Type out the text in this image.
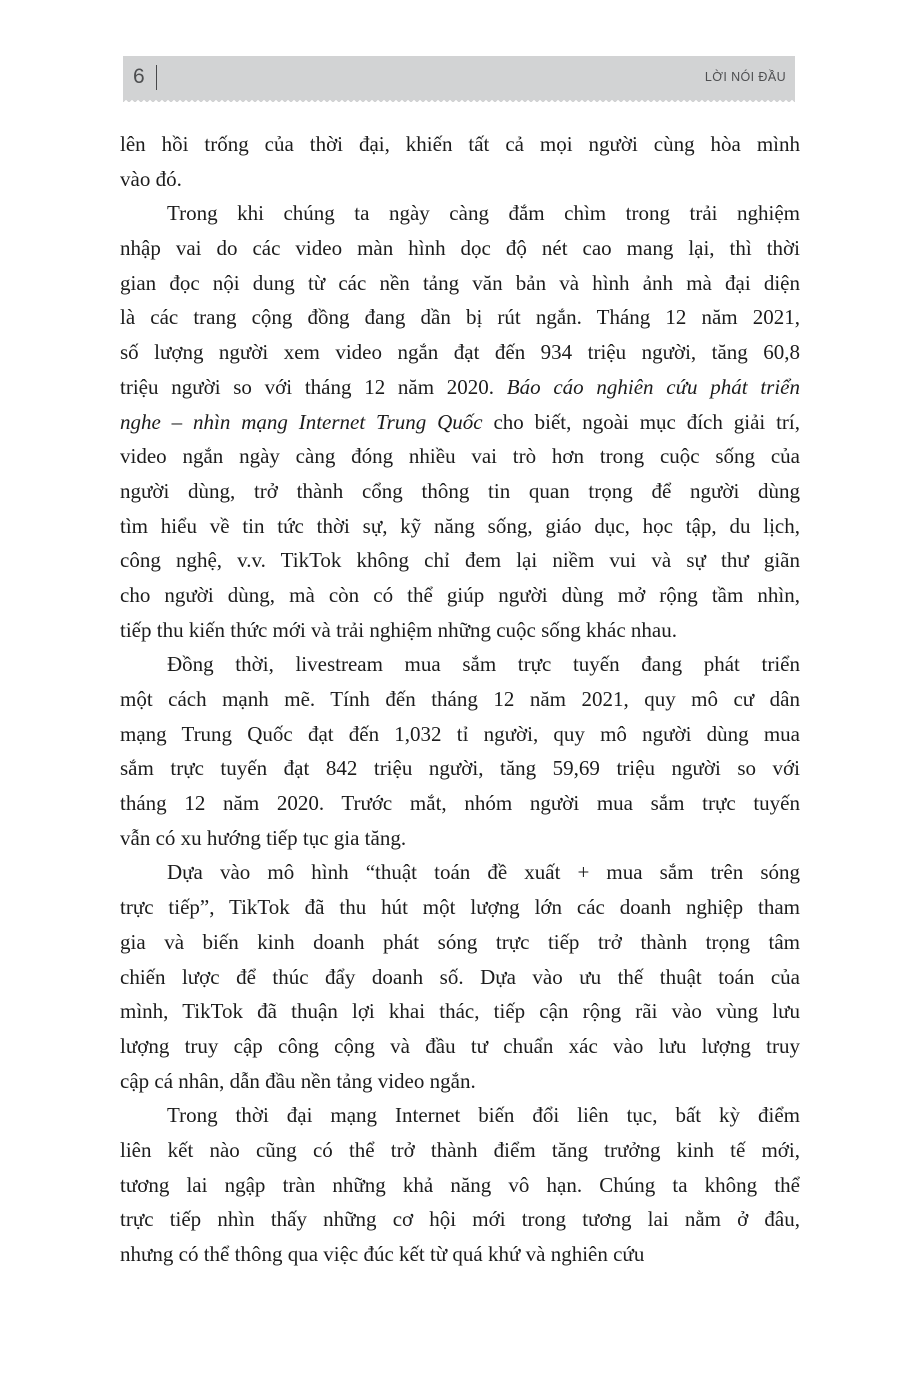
6	LỜI NÓI ĐẦU
lên hồi trống của thời đại, khiến tất cả mọi người cùng hòa mình
vào đó.
Trong khi chúng ta ngày càng đắm chìm trong trải nghiệm
nhập vai do các video màn hình dọc độ nét cao mang lại, thì thời
gian đọc nội dung từ các nền tảng văn bản và hình ảnh mà đại diện
là các trang cộng đồng đang dần bị rút ngắn. Tháng 12 năm 2021,
số lượng người xem video ngắn đạt đến 934 triệu người, tăng 60,8
triệu người so với tháng 12 năm 2020. Báo cáo nghiên cứu phát triển
nghe – nhìn mạng Internet Trung Quốc cho biết, ngoài mục đích giải trí,
video ngắn ngày càng đóng nhiều vai trò hơn trong cuộc sống của
người dùng, trở thành cổng thông tin quan trọng để người dùng
tìm hiểu về tin tức thời sự, kỹ năng sống, giáo dục, học tập, du lịch,
công nghệ, v.v. TikTok không chỉ đem lại niềm vui và sự thư giãn
cho người dùng, mà còn có thể giúp người dùng mở rộng tầm nhìn,
tiếp thu kiến thức mới và trải nghiệm những cuộc sống khác nhau.
Đồng thời, livestream mua sắm trực tuyến đang phát triển
một cách mạnh mẽ. Tính đến tháng 12 năm 2021, quy mô cư dân
mạng Trung Quốc đạt đến 1,032 tỉ người, quy mô người dùng mua
sắm trực tuyến đạt 842 triệu người, tăng 59,69 triệu người so với
tháng 12 năm 2020. Trước mắt, nhóm người mua sắm trực tuyến
vẫn có xu hướng tiếp tục gia tăng.
Dựa vào mô hình “thuật toán đề xuất + mua sắm trên sóng
trực tiếp”, TikTok đã thu hút một lượng lớn các doanh nghiệp tham
gia và biến kinh doanh phát sóng trực tiếp trở thành trọng tâm
chiến lược để thúc đẩy doanh số. Dựa vào ưu thế thuật toán của
mình, TikTok đã thuận lợi khai thác, tiếp cận rộng rãi vào vùng lưu
lượng truy cập công cộng và đầu tư chuẩn xác vào lưu lượng truy
cập cá nhân, dẫn đầu nền tảng video ngắn.
Trong thời đại mạng Internet biến đổi liên tục, bất kỳ điểm
liên kết nào cũng có thể trở thành điểm tăng trưởng kinh tế mới,
tương lai ngập tràn những khả năng vô hạn. Chúng ta không thể
trực tiếp nhìn thấy những cơ hội mới trong tương lai nằm ở đâu,
nhưng có thể thông qua việc đúc kết từ quá khứ và nghiên cứu
